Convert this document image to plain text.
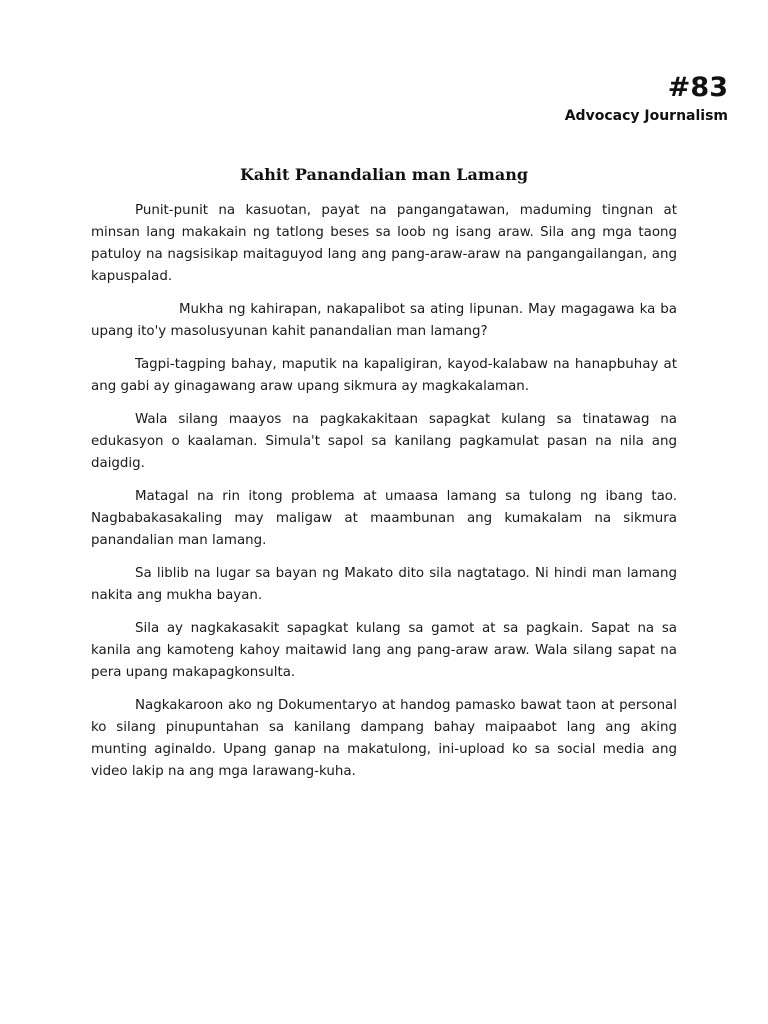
#83

Advocacy Journalism

Kahit Panandalian man Lamang

Punit-punit na kasuotan, payat na pangangatawan, maduming tingnan at minsan lang makakain ng tatlong beses sa loob ng isang araw. Sila ang mga taong patuloy na nagsisikap maitaguyod lang ang pang-araw-araw na pangangailangan, ang kapuspalad.

Mukha ng kahirapan, nakapalibot sa ating lipunan. May magagawa ka ba upang ito'y masolusyunan kahit panandalian man lamang?

Tagpi-tagping bahay, maputik na kapaligiran, kayod-kalabaw na hanapbuhay at ang gabi ay ginagawang araw upang sikmura ay magkakalaman.

Wala silang maayos na pagkakakitaan sapagkat kulang sa tinatawag na edukasyon o kaalaman. Simula't sapol sa kanilang pagkamulat pasan na nila ang daigdig.

Matagal na rin itong problema at umaasa lamang sa tulong ng ibang tao. Nagbabakasakaling may maligaw at maambunan ang kumakalam na sikmura panandalian man lamang.

Sa liblib na lugar sa bayan ng Makato dito sila nagtatago. Ni hindi man lamang nakita ang mukha bayan.

Sila ay nagkakasakit sapagkat kulang sa gamot at sa pagkain. Sapat na sa kanila ang kamoteng kahoy maitawid lang ang pang-araw araw. Wala silang sapat na pera upang makapagkonsulta.

Nagkakaroon ako ng Dokumentaryo at handog pamasko bawat taon at personal ko silang pinupuntahan sa kanilang dampang bahay maipaabot lang ang aking munting aginaldo. Upang ganap na makatulong, ini-upload ko sa social media ang video lakip na ang mga larawang-kuha.
